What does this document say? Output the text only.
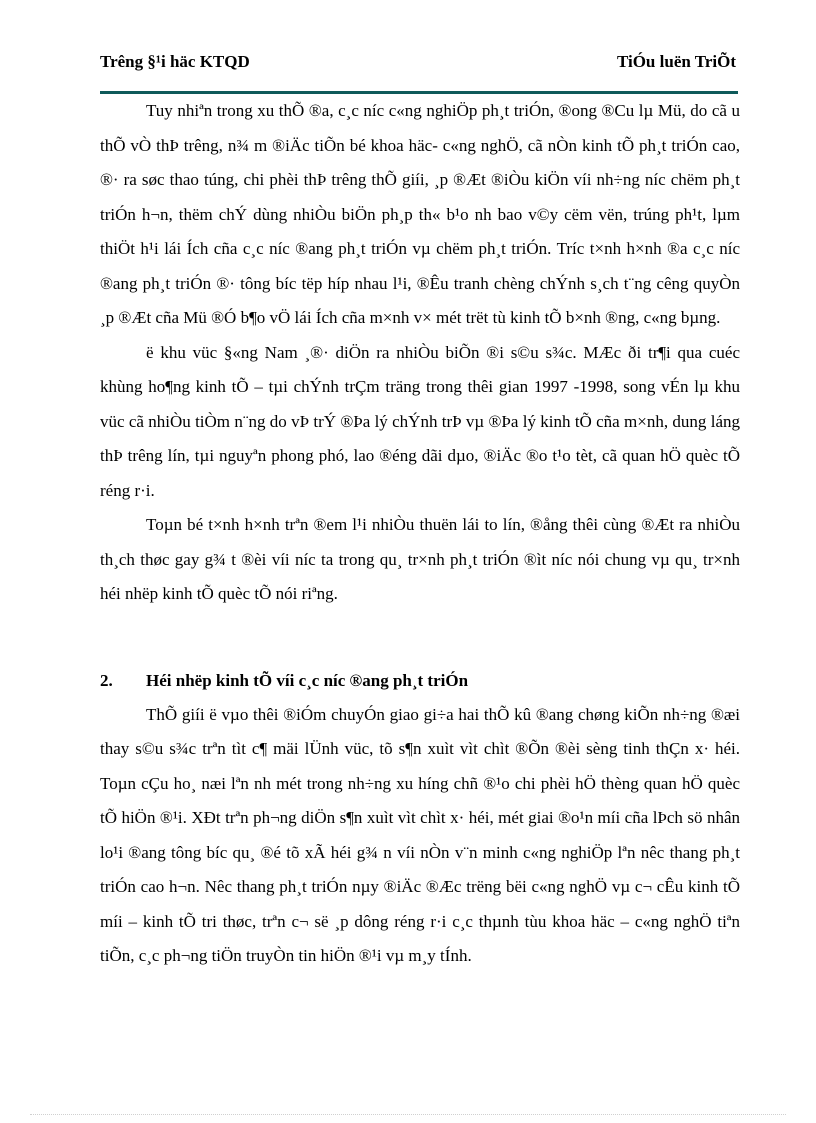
Trêng §¹i häc KTQD	TiÓu luën TriÕt

Tuy nhiªn trong xu thÕ ®a, c¸c níc c«ng nghiÖp ph¸t triÓn, ®ong ®Cu lµ Mü, do cã u thÕ vÒ thÞ trêng, n¾ m ®iÄc tiÕn bé khoa häc- c«ng nghÖ, cã nÒn kinh tÕ ph¸t triÓn cao, ®· ra søc thao túng, chi phèi thÞ trêng thÕ giíi, ¸p ®Æt ®iÒu kiÖn víi nh÷ng níc chëm ph¸t triÓn h¬n, thëm chÝ dùng nhiÒu biÖn ph¸p th« b¹o nh bao v©y cëm vën, trúng ph¹t, lµm thiÖt h¹i lái Ích cña c¸c níc ®ang ph¸t triÓn vµ chëm ph¸t triÓn. Tríc t×nh h×nh ®a c¸c níc ®ang ph¸t triÓn ®· tông bíc tëp híp nhau l¹i, ®Êu tranh chèng chÝnh s¸ch t¨ng cêng quyÒn ¸p ®Æt cña Mü ®Ó b¶o vÖ lái Ích cña m×nh v× mét trët tù kinh tÕ b×nh ®ng, c«ng bµng.

ë khu vüc §«ng Nam ¸®· diÖn ra nhiÒu biÕn ®i s©u s¾c. MÆc ði tr¶i qua cuéc khùng ho¶ng kinh tÕ – tµi chÝnh trÇm träng trong thêi gian 1997 -1998, song vÉn lµ khu vüc cã nhiÒu tiÒm n¨ng do vÞ trÝ ®Þa lý chÝnh trÞ vµ ®Þa lý kinh tÕ cña m×nh, dung láng thÞ trêng lín, tµi nguyªn phong phó, lao ®éng dãi dµo, ®iÄc ®o t¹o tèt, cã quan hÖ quèc tÕ réng r·i.

Toµn bé t×nh h×nh trªn ®em l¹i nhiÒu thuën lái to lín, ®ång thêi cùng ®Æt ra nhiÒu th¸ch thøc gay g¾ t ®èi víi níc ta trong qu¸ tr×nh ph¸t triÓn ®ìt níc nói chung vµ qu¸ tr×nh héi nhëp kinh tÕ quèc tÕ nói riªng.

2. Héi nhëp kinh tÕ víi c¸c níc ®ang ph¸t triÓn

ThÕ giíi ë vµo thêi ®iÓm chuyÓn giao gi÷a hai thÕ kû ®ang chøng kiÕn nh÷ng ®æi thay s©u s¾c trªn tìt c¶ mäi lÜnh vüc, tõ s¶n xuìt vìt chìt ®Õn ®èi sèng tinh thÇn x· héi. Toµn cÇu ho¸ næi lªn nh mét trong nh÷ng xu híng chñ ®¹o chi phèi hÖ thèng quan hÖ quèc tÕ hiÖn ®¹i. XÐt trªn ph¬ng diÖn s¶n xuìt vìt chìt x· héi, mét giai ®o¹n míi cña lÞch sö nhân lo¹i ®ang tông bíc qu¸ ®é tõ xÃ héi g¾ n víi nÒn v¨n minh c«ng nghiÖp lªn nêc thang ph¸t triÓn cao h¬n. Nêc thang ph¸t triÓn nµy ®iÄc ®Æc trëng bëi c«ng nghÖ vµ c¬ cÊu kinh tÕ míi – kinh tÕ tri thøc, trªn c¬ së ¸p dông réng r·i c¸c thµnh tùu khoa häc – c«ng nghÖ tiªn tiÕn, c¸c ph¬ng tiÖn truyÒn tin hiÖn ®¹i vµ m¸y tÍnh.
